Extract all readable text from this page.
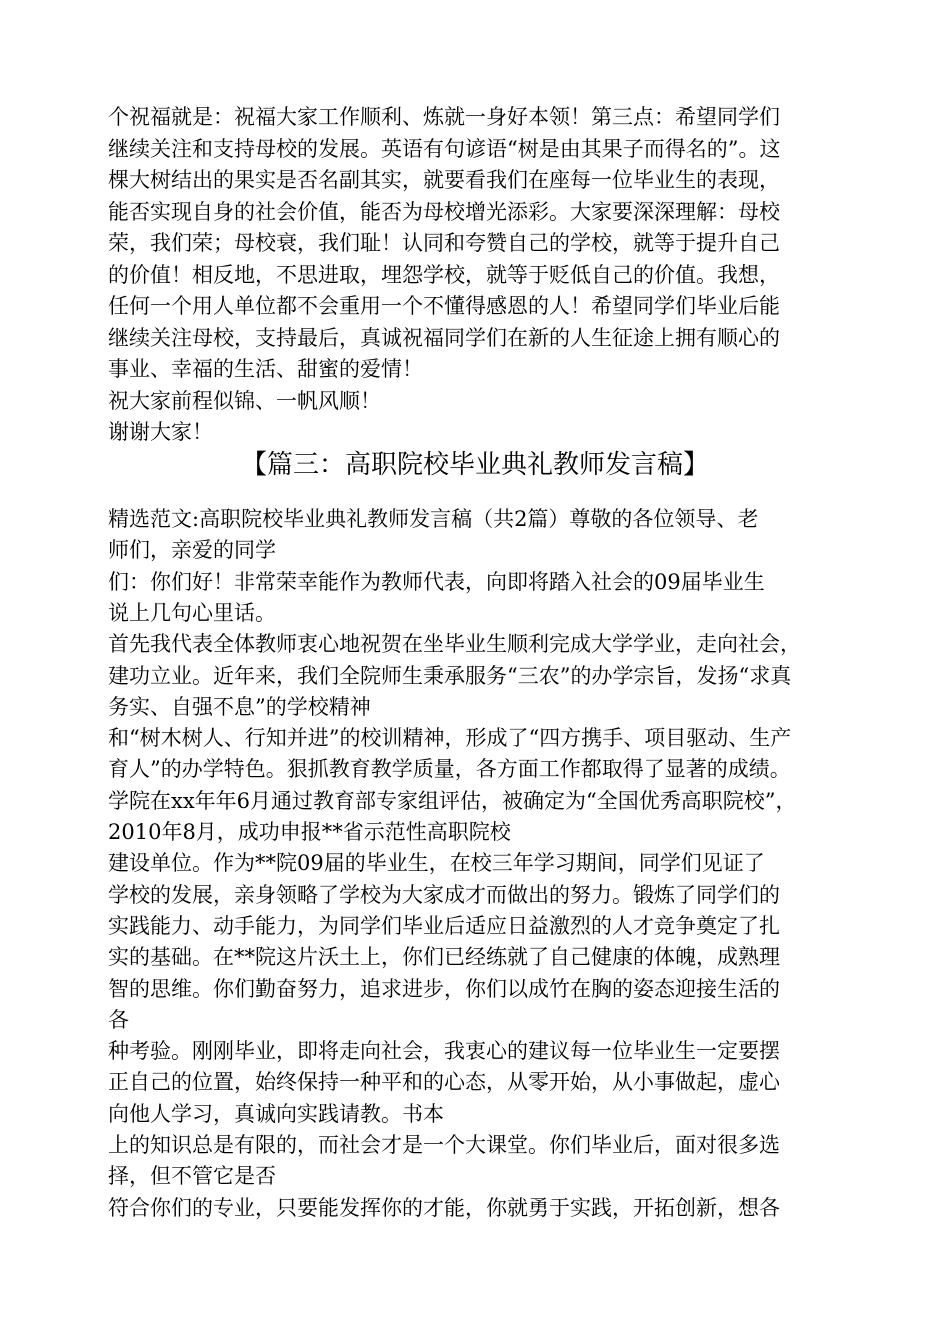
个祝福就是：祝福大家工作顺利、炼就一身好本领！第三点：希望同学们
继续关注和支持母校的发展。英语有句谚语“树是由其果子而得名的”。这
棵大树结出的果实是否名副其实，就要看我们在座每一位毕业生的表现，
能否实现自身的社会价值，能否为母校增光添彩。大家要深深理解：母校
荣，我们荣；母校衰，我们耻！认同和夸赞自己的学校，就等于提升自己
的价值！相反地，不思进取，埋怨学校，就等于贬低自己的价值。我想，
任何一个用人单位都不会重用一个不懂得感恩的人！希望同学们毕业后能
继续关注母校，支持最后，真诚祝福同学们在新的人生征途上拥有顺心的
事业、幸福的生活、甜蜜的爱情！
祝大家前程似锦、一帆风顺！
谢谢大家！
【篇三：高职院校毕业典礼教师发言稿】
精选范文:高职院校毕业典礼教师发言稿（共2篇）尊敬的各位领导、老
师们，亲爱的同学
们：你们好！非常荣幸能作为教师代表，向即将踏入社会的09届毕业生
说上几句心里话。
首先我代表全体教师衷心地祝贺在坐毕业生顺利完成大学学业，走向社会，
建功立业。近年来，我们全院师生秉承服务“三农”的办学宗旨，发扬“求真
务实、自强不息”的学校精神
和“树木树人、行知并进”的校训精神，形成了“四方携手、项目驱动、生产
育人”的办学特色。狠抓教育教学质量，各方面工作都取得了显著的成绩。
学院在xx年年6月通过教育部专家组评估，被确定为“全国优秀高职院校”，
2010年8月，成功申报**省示范性高职院校
建设单位。作为**院09届的毕业生，在校三年学习期间，同学们见证了
学校的发展，亲身领略了学校为大家成才而做出的努力。锻炼了同学们的
实践能力、动手能力，为同学们毕业后适应日益激烈的人才竞争奠定了扎
实的基础。在**院这片沃土上，你们已经练就了自己健康的体魄，成熟理
智的思维。你们勤奋努力，追求进步，你们以成竹在胸的姿态迎接生活的
各
种考验。刚刚毕业，即将走向社会，我衷心的建议每一位毕业生一定要摆
正自己的位置，始终保持一种平和的心态，从零开始，从小事做起，虚心
向他人学习，真诚向实践请教。书本
上的知识总是有限的，而社会才是一个大课堂。你们毕业后，面对很多选
择，但不管它是否
符合你们的专业，只要能发挥你的才能，你就勇于实践，开拓创新，想各
